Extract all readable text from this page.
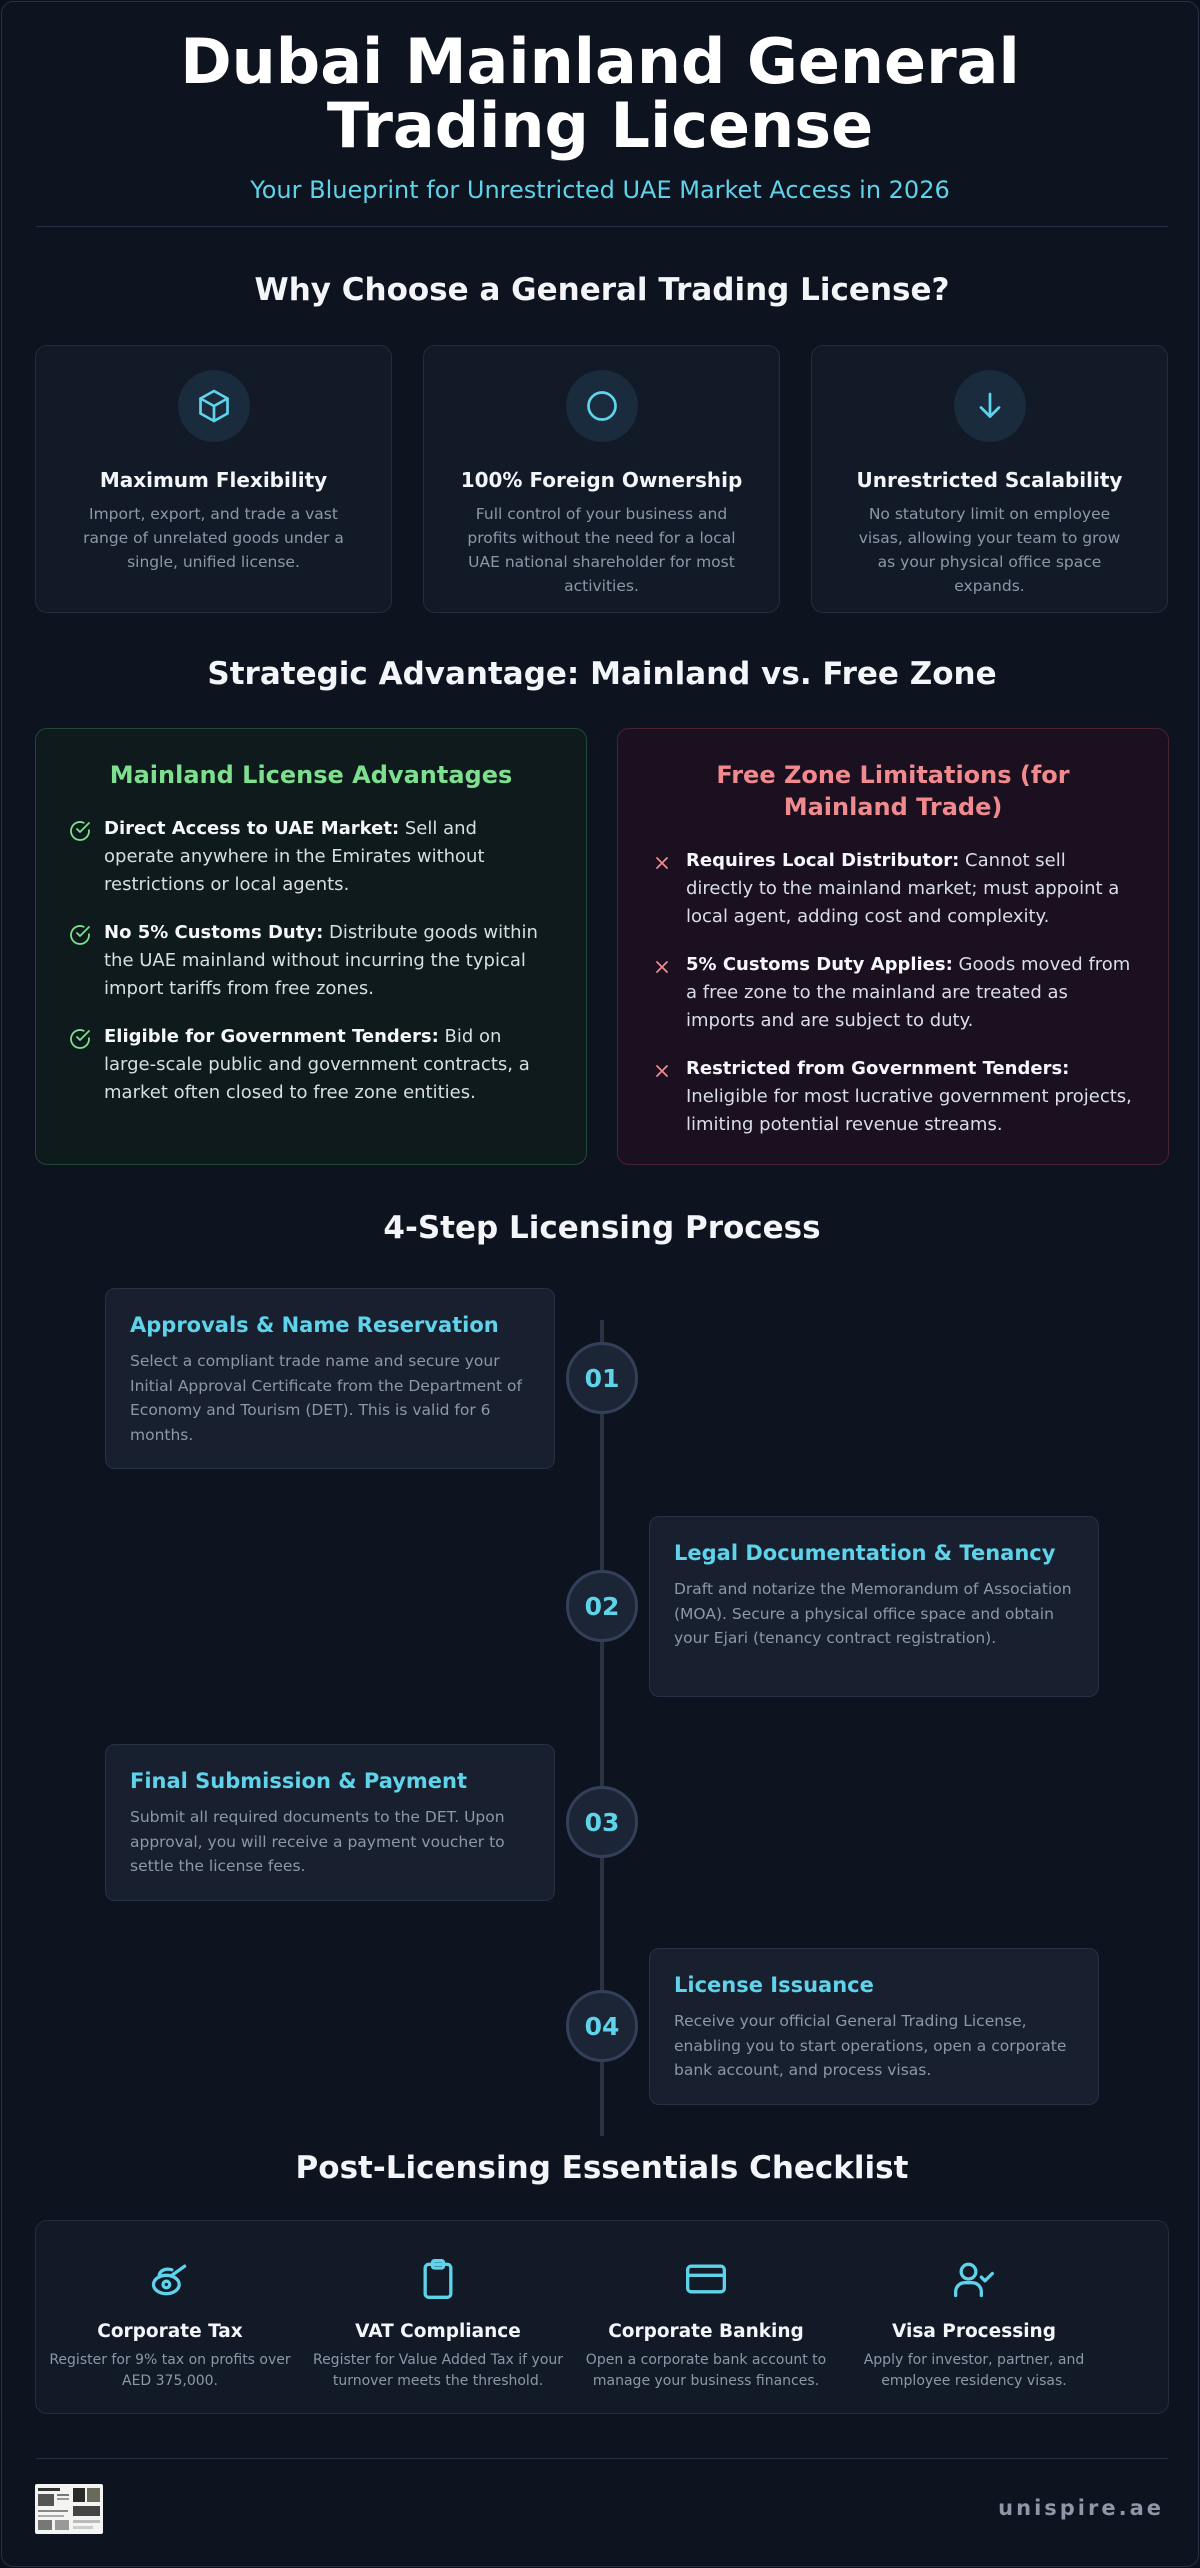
Dubai Mainland General Trading License
Your Blueprint for Unrestricted UAE Market Access in 2026
Why Choose a General Trading License?
Maximum Flexibility

Import, export, and trade a vast range of unrelated goods under a single, unified license.

100% Foreign Ownership

Full control of your business and profits without the need for a local UAE national shareholder for most activities.

Unrestricted Scalability

No statutory limit on employee visas, allowing your team to grow as your physical office space expands.

Strategic Advantage: Mainland vs. Free Zone
Mainland License Advantages
Direct Access to UAE Market: Sell and operate anywhere in the Emirates without restrictions or local agents.
No 5% Customs Duty: Distribute goods within the UAE mainland without incurring the typical import tariffs from free zones.
Eligible for Government Tenders: Bid on large-scale public and government contracts, a market often closed to free zone entities.
Free Zone Limitations (for Mainland Trade)
Requires Local Distributor: Cannot sell directly to the mainland market; must appoint a local agent, adding cost and complexity.
5% Customs Duty Applies: Goods moved from a free zone to the mainland are treated as imports and are subject to duty.
Restricted from Government Tenders: Ineligible for most lucrative government projects, limiting potential revenue streams.
4-Step Licensing Process
Approvals & Name Reservation

Select a compliant trade name and secure your Initial Approval Certificate from the Department of Economy and Tourism (DET). This is valid for 6 months.

01
Legal Documentation & Tenancy

Draft and notarize the Memorandum of Association (MOA). Secure a physical office space and obtain your Ejari (tenancy contract registration).

02
Final Submission & Payment

Submit all required documents to the DET. Upon approval, you will receive a payment voucher to settle the license fees.

03
License Issuance

Receive your official General Trading License, enabling you to start operations, open a corporate bank account, and process visas.

04
Post-Licensing Essentials Checklist
Corporate Tax

Register for 9% tax on profits over AED 375,000.

VAT Compliance

Register for Value Added Tax if your turnover meets the threshold.

Corporate Banking

Open a corporate bank account to manage your business finances.

Visa Processing

Apply for investor, partner, and employee residency visas.

unispire.ae
